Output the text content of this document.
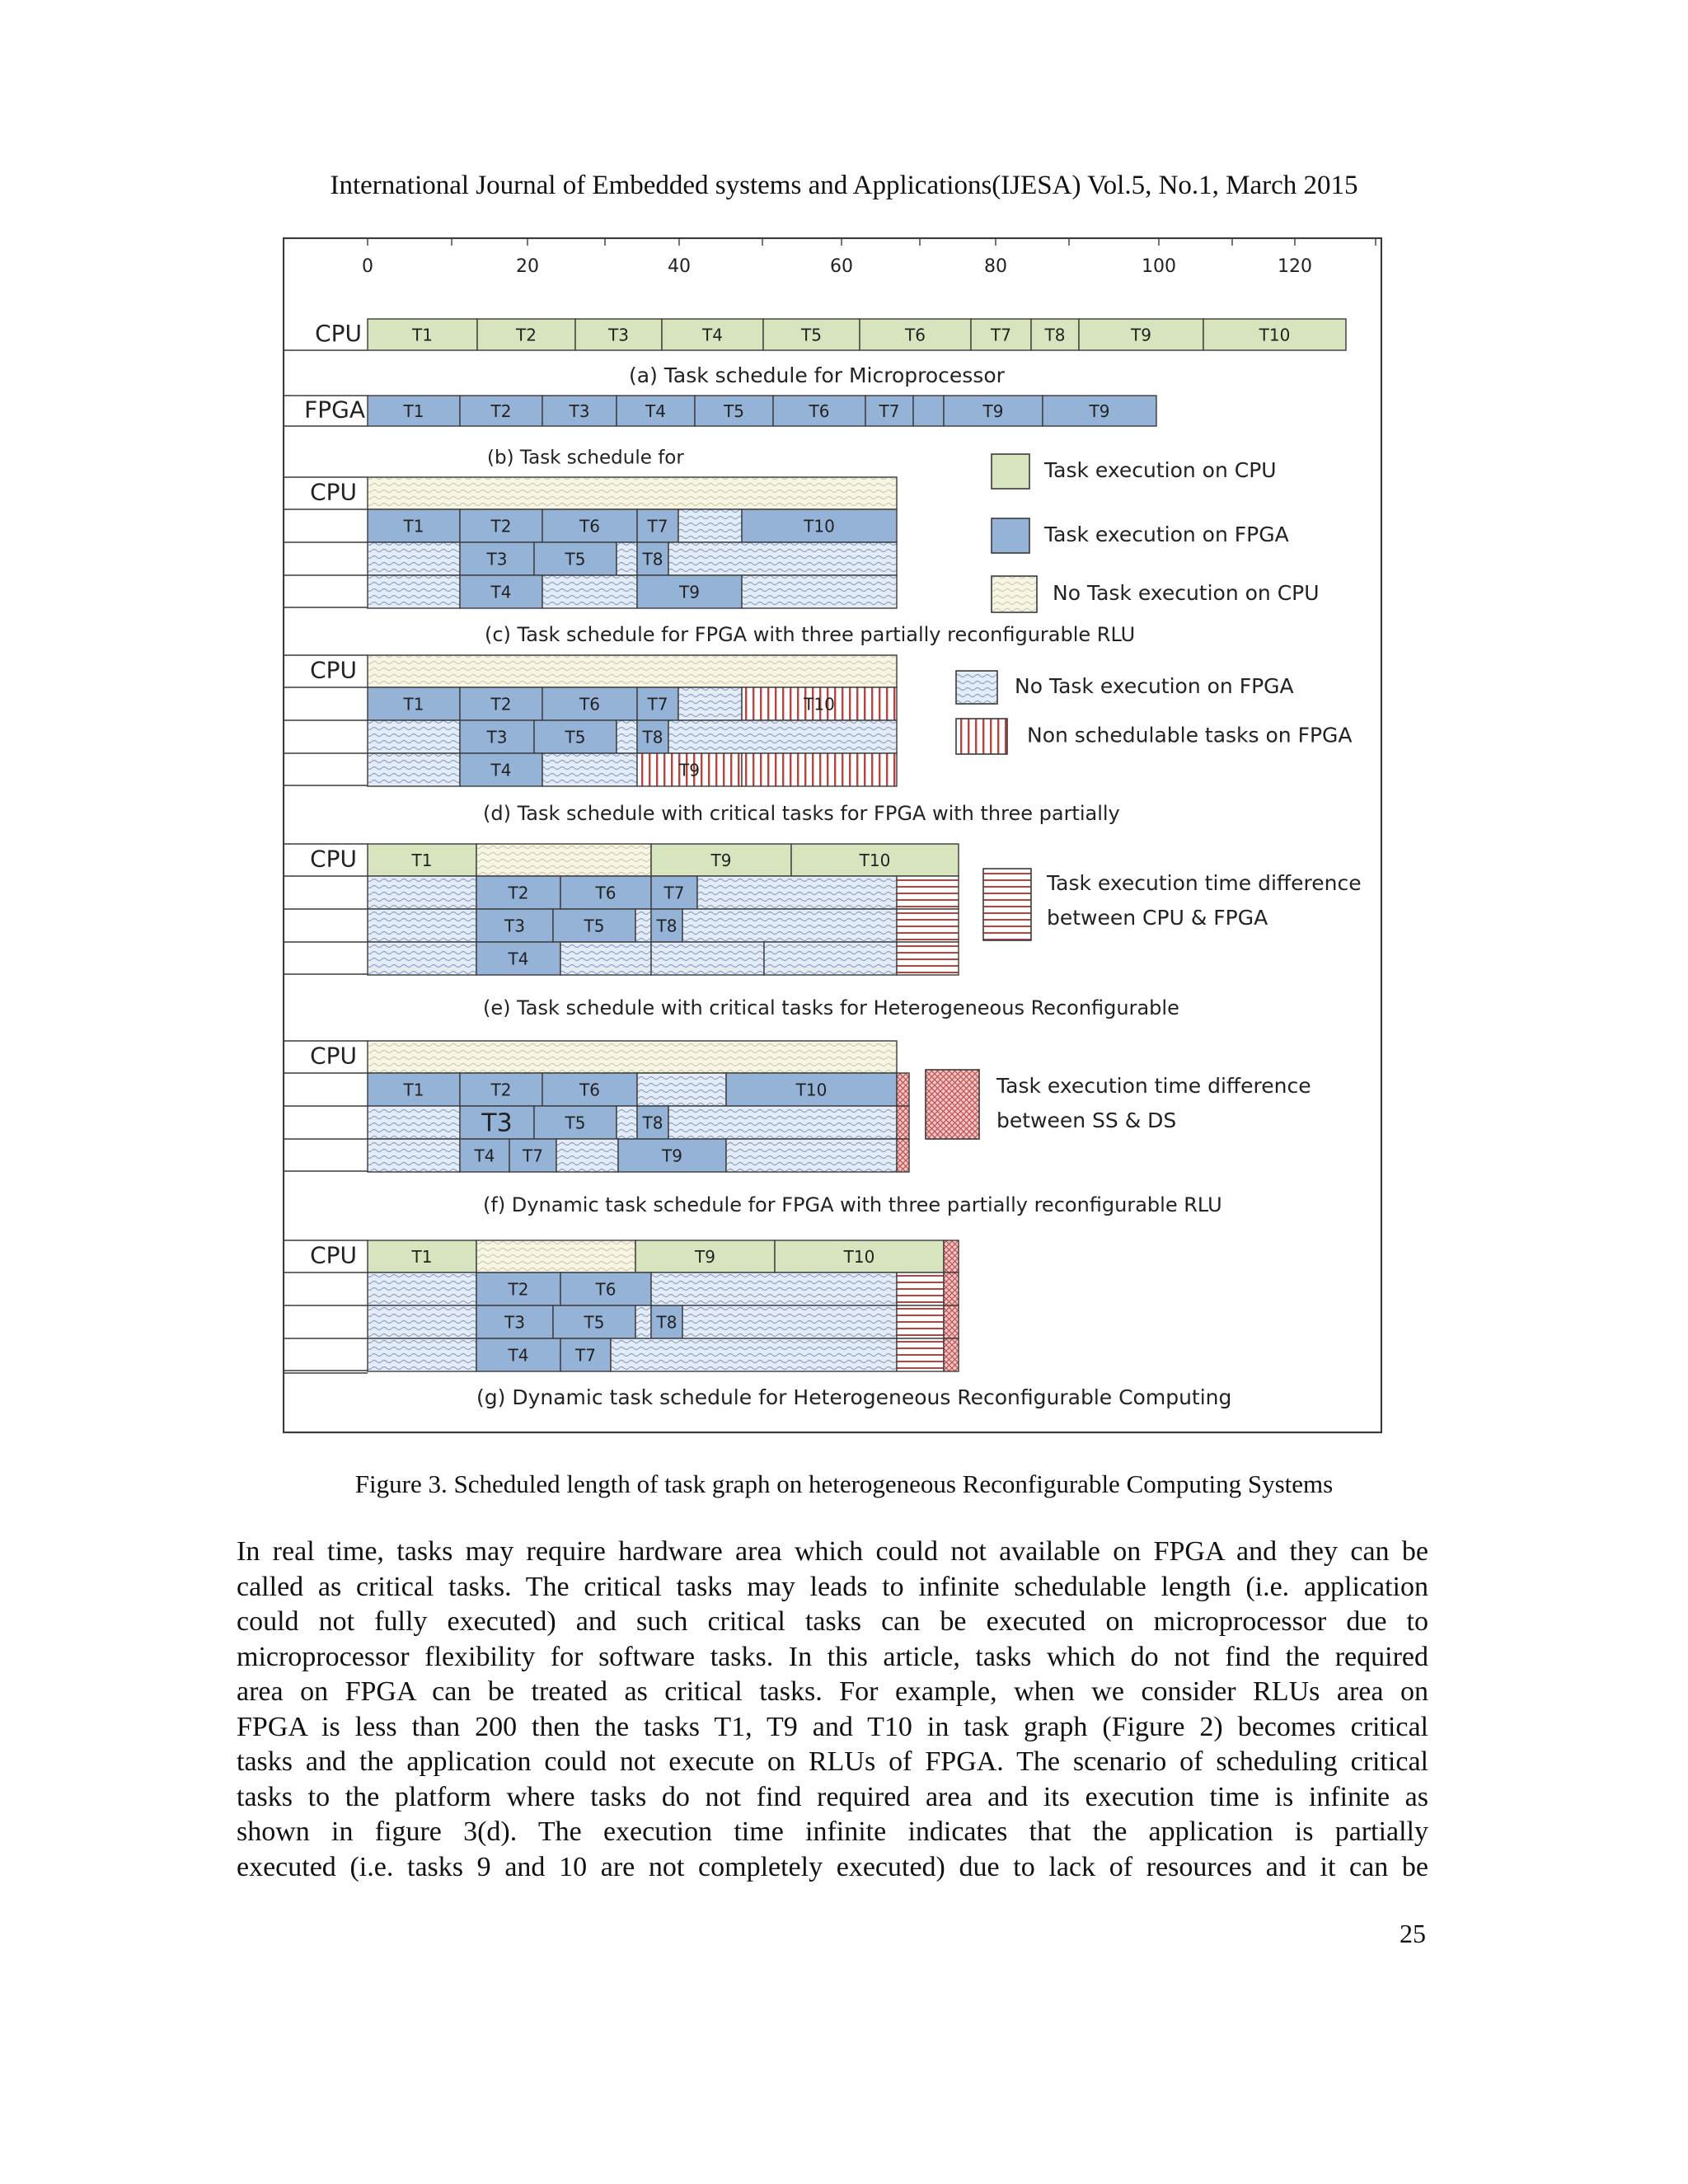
International Journal of Embedded systems and Applications(IJESA) Vol.5, No.1, March 2015
0	20	40	60	80	100	120
CPU	T1	T2	T3	T4	T5	T6	T7 T8	T9	T10
(a) Task schedule for Microprocessor
FPGA T1	T2	T3	T4	T5	T6	T7	T9	T9
(b) Task schedule for
CPU
T1	T2	T6	T7	T10
T3	T5	T8
T4	T9
(c) Task schedule for FPGA with three partially reconfigurable RLU
CPU
T1	T2	T6	T7	T10
T3	T5	T8
T4	T9
(d) Task schedule with critical tasks for FPGA with three partially
CPU	T1	T9	T10
T2	T6	T7
T3	T5	T8
T4
(e) Task schedule with critical tasks for Heterogeneous Reconfigurable
CPU
T1	T2	T6	T10
T3	T5	T8
T4 T7	T9
(f) Dynamic task schedule for FPGA with three partially reconfigurable RLU
CPU	T1	T9	T10
T2	T6
T3	T5	T8
T4	T7
(g) Dynamic task schedule for Heterogeneous Reconfigurable Computing
Task execution on CPU
Task execution on FPGA
No Task execution on CPU
No Task execution on FPGA
Non schedulable tasks on FPGA
Task execution time difference
between CPU & FPGA
Task execution time difference
between SS & DS
Figure 3. Scheduled length of task graph on heterogeneous Reconfigurable Computing Systems
In real time, tasks may require hardware area which could not available on FPGA and they can be
called as critical tasks. The critical tasks may leads to infinite schedulable length (i.e. application
could not fully executed) and such critical tasks can be executed on microprocessor due to
microprocessor flexibility for software tasks. In this article, tasks which do not find the required
area on FPGA can be treated as critical tasks. For example, when we consider RLUs area on
FPGA is less than 200 then the tasks T1, T9 and T10 in task graph (Figure 2) becomes critical
tasks and the application could not execute on RLUs of FPGA. The scenario of scheduling critical
tasks to the platform where tasks do not find required area and its execution time is infinite as
shown in figure 3(d). The execution time infinite indicates that the application is partially
executed (i.e. tasks 9 and 10 are not completely executed) due to lack of resources and it can be
25
